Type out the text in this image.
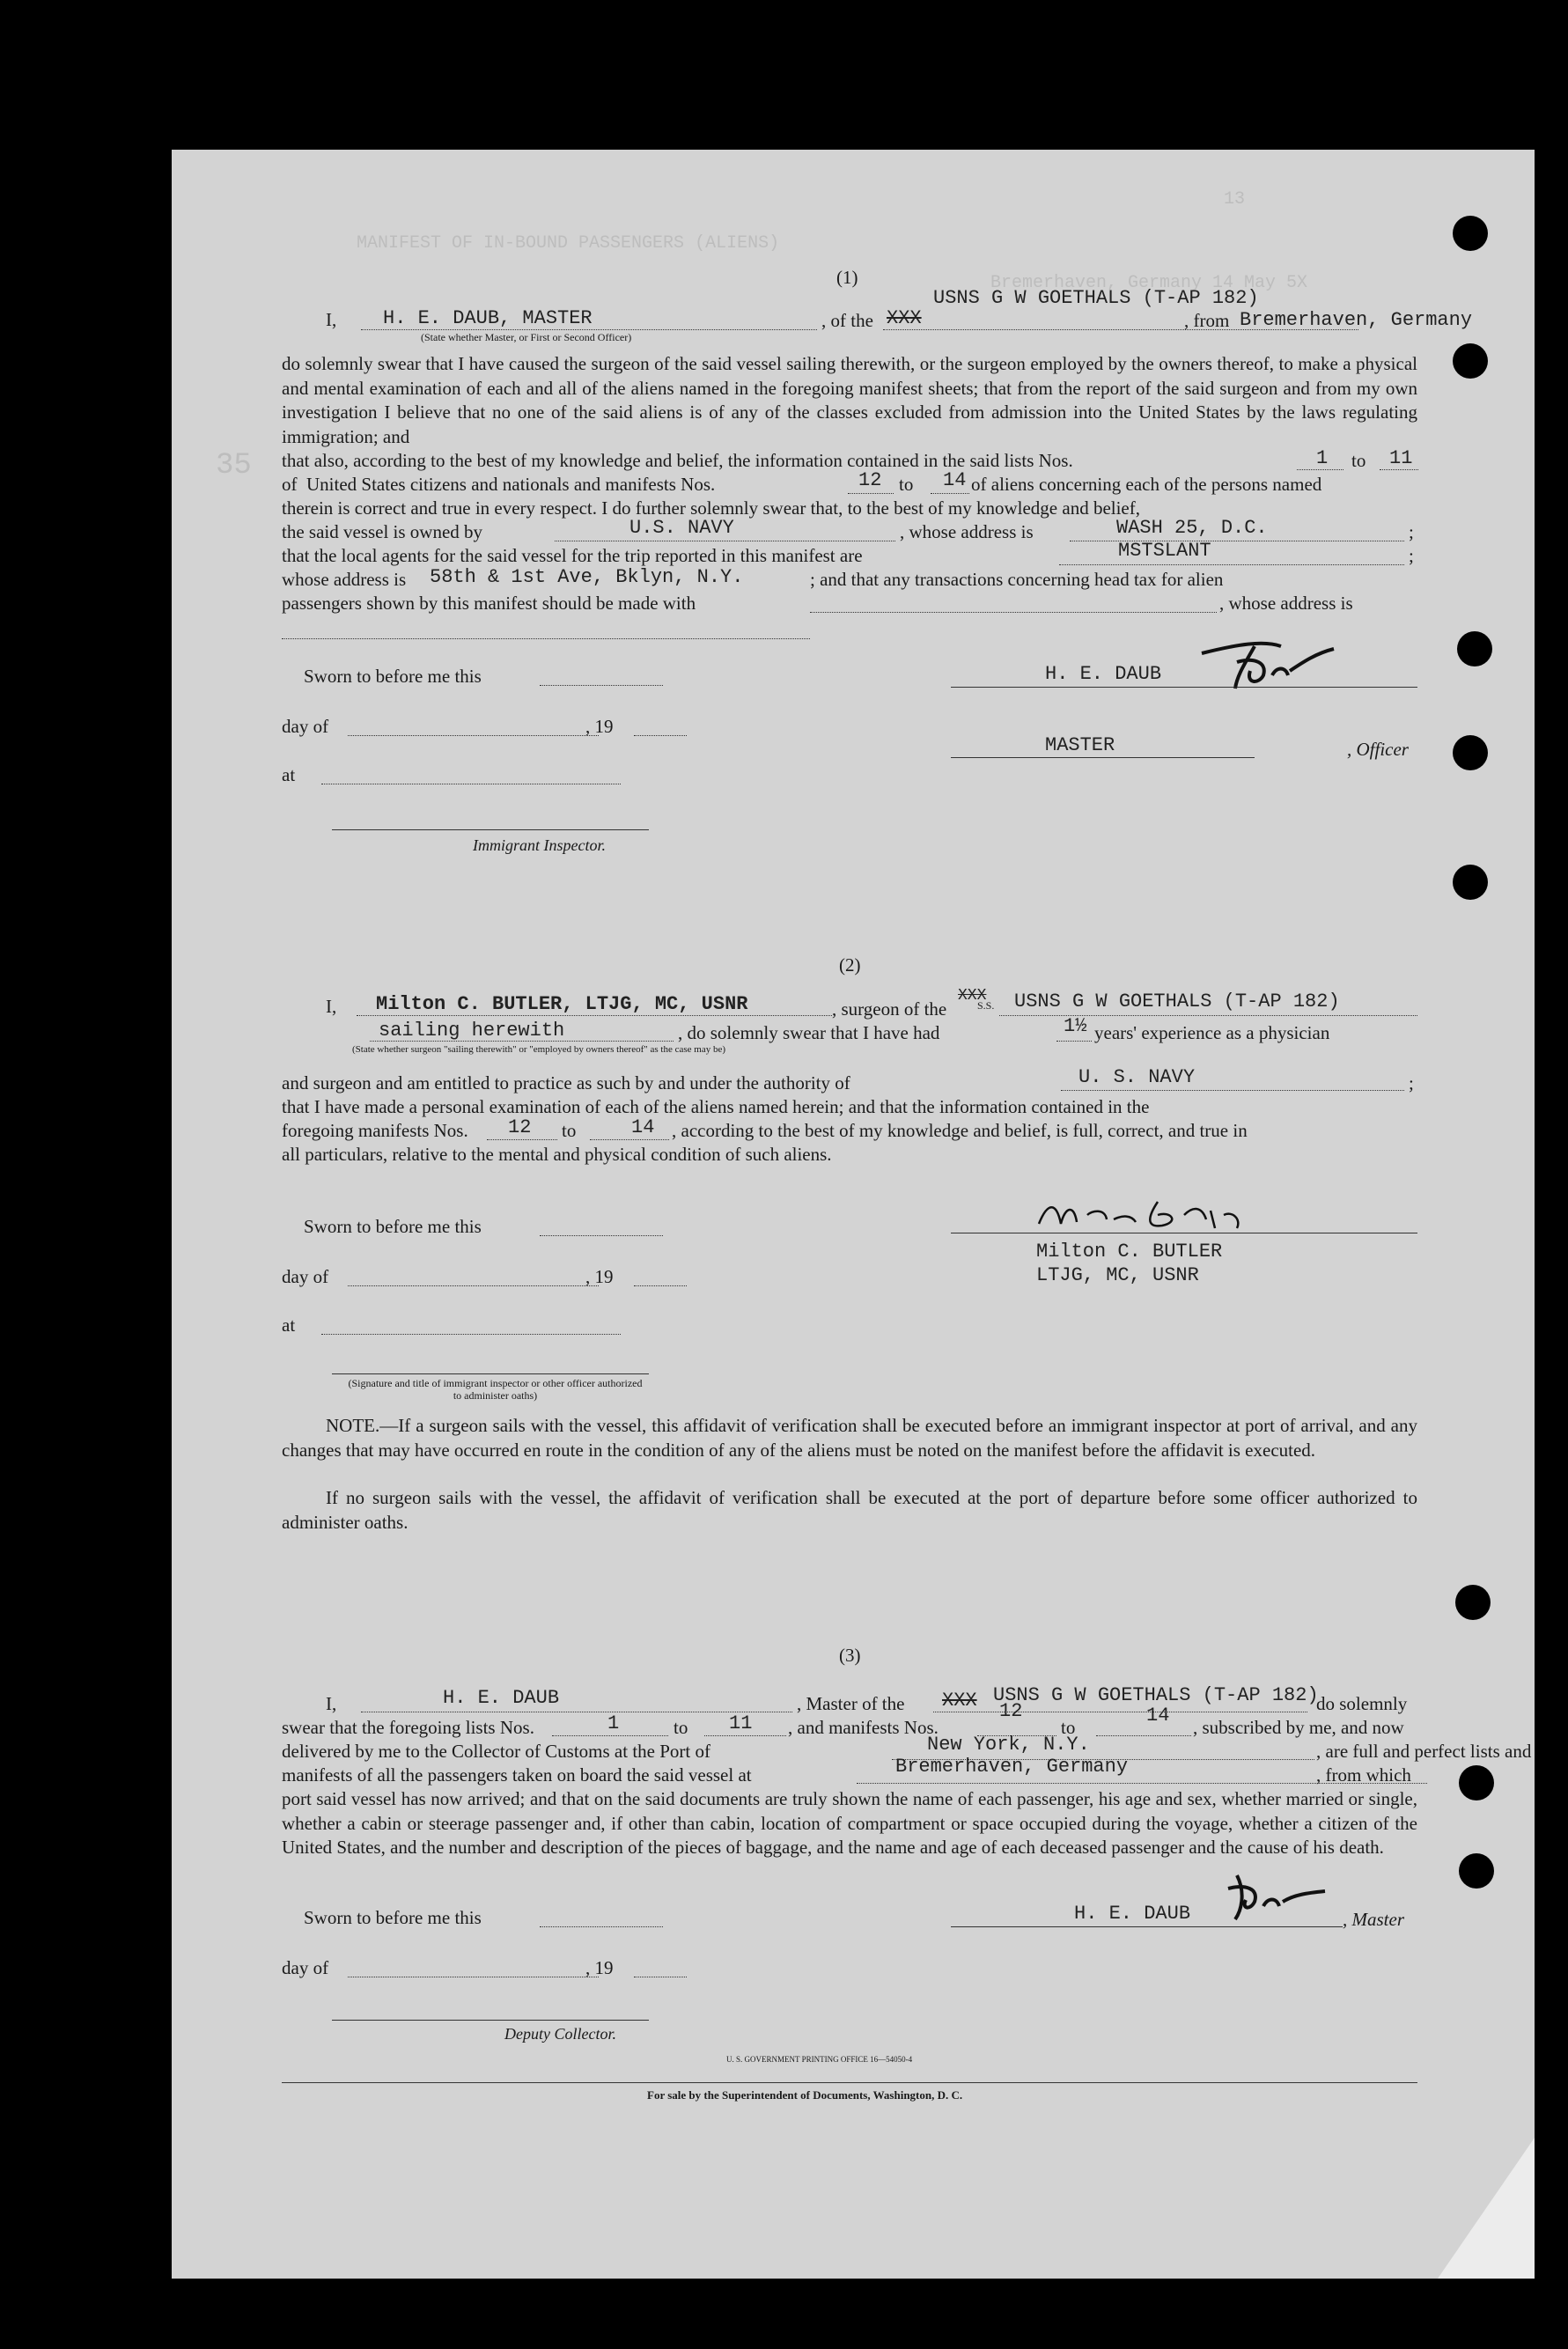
13
MANIFEST OF IN-BOUND PASSENGERS (ALIENS)
Bremerhaven, Germany 14 May 5X
35
(1)
I, H. E. DAUB, MASTER
(State whether Master, or First or Second Officer)
, of the XXX
USNS G W GOETHALS (T-AP 182)
, from Bremerhaven, Germany
do solemnly swear that I have caused the surgeon of the said vessel sailing therewith, or the surgeon employed by the owners thereof, to make a physical and mental examination of each and all of the aliens named in the foregoing manifest sheets; that from the report of the said surgeon and from my own investigation I believe that no one of the said aliens is of any of the classes excluded from admission into the United States by the laws regulating immigration; and
that also, according to the best of my knowledge and belief, the information contained in the said lists Nos.	1 to 11
of United States citizens and nationals and manifests Nos.	12 to 14 of aliens concerning each of the persons named
therein is correct and true in every respect. I do further solemnly swear that, to the best of my knowledge and belief,
the said vessel is owned by	U.S. NAVY	, whose address is	WASH 25, D.C.	;
that the local agents for the said vessel for the trip reported in this manifest are	MSTSLANT	;
whose address is 58th & 1st Ave, Bklyn, N.Y.	; and that any transactions concerning head tax for alien
passengers shown by this manifest should be made with	, whose address is
Sworn to before me this
day of	, 19
at
Immigrant Inspector.
H. E. DAUB
MASTER	, Officer
(2)
I, Milton C. BUTLER, LTJG, MC, USNR	, surgeon of the	S.S.
XXX USNS G W GOETHALS (T-AP 182)
sailing herewith
(State whether surgeon "sailing therewith" or "employed by owners thereof" as the case may be)
, do solemnly swear that I have had	1½ years' experience as a physician
and surgeon and am entitled to practice as such by and under the authority of	U. S. NAVY	;
that I have made a personal examination of each of the aliens named herein; and that the information contained in the
foregoing manifests Nos. 12 to	14 , according to the best of my knowledge and belief, is full, correct, and true in
all particulars, relative to the mental and physical condition of such aliens.
Sworn to before me this
day of	, 19
at
(Signature and title of immigrant inspector or other officer authorized to administer oaths)
Milton C. BUTLER
LTJG, MC, USNR
NOTE.—If a surgeon sails with the vessel, this affidavit of verification shall be executed before an immigrant inspector at port of arrival, and any changes that may have occurred en route in the condition of any of the aliens must be noted on the manifest before the affidavit is executed.
If no surgeon sails with the vessel, the affidavit of verification shall be executed at the port of departure before some officer authorized to administer oaths.
(3)
I,	H. E. DAUB	, Master of the XXX USNS G W GOETHALS (T-AP 182)
do solemnly
swear that the foregoing lists Nos.	1	to 11 , and manifests Nos.
12
to
14
, subscribed by me, and now
delivered by me to the Collector of Customs at the Port of	New York, N.Y.	, are full and perfect lists and
manifests of all the passengers taken on board the said vessel at	Bremerhaven, Germany	, from which
port said vessel has now arrived; and that on the said documents are truly shown the name of each passenger, his age and sex, whether married or single, whether a cabin or steerage passenger and, if other than cabin, location of compartment or space occupied during the voyage, whether a citizen of the United States, and the number and description of the pieces of baggage, and the name and age of each deceased passenger and the cause of his death.
Sworn to before me this	H. E. DAUB	, Master
day of	, 19
Deputy Collector.
U. S. GOVERNMENT PRINTING OFFICE 16—54050-4
For sale by the Superintendent of Documents, Washington, D. C.
